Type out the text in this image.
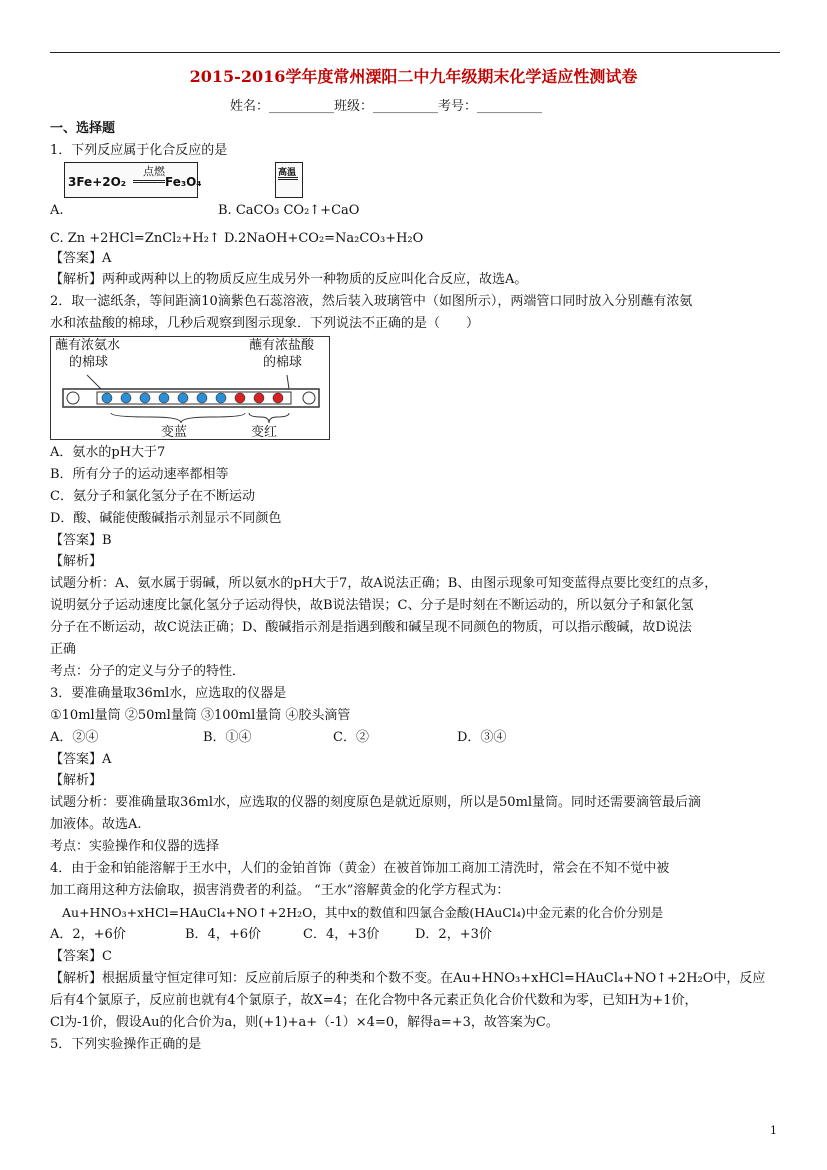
2015-2016学年度常州溧阳二中九年级期末化学适应性测试卷
姓名：__________班级：__________考号：__________
一、选择题
1．下列反应属于化合反应的是
3Fe+2O₂
点燃
Fe₃O₄
高温
A.	B. CaCO₃ CO₂↑+CaO
C. Zn +2HCl=ZnCl₂+H₂↑ D.2NaOH+CO₂=Na₂CO₃+H₂O
【答案】A
【解析】两种或两种以上的物质反应生成另外一种物质的反应叫化合反应，故选A。
2．取一滤纸条，等间距滴10滴紫色石蕊溶液，然后装入玻璃管中（如图所示），两端管口同时放入分别蘸有浓氨
水和浓盐酸的棉球，几秒后观察到图示现象．下列说法不正确的是（　　）
蘸有浓氨水
的棉球
蘸有浓盐酸
的棉球
变蓝	变红
A．氨水的pH大于7
B．所有分子的运动速率都相等
C．氨分子和氯化氢分子在不断运动
D．酸、碱能使酸碱指示剂显示不同颜色
【答案】B
【解析】
试题分析：A、氨水属于弱碱，所以氨水的pH大于7，故A说法正确；B、由图示现象可知变蓝得点要比变红的点多，
说明氨分子运动速度比氯化氢分子运动得快，故B说法错误；C、分子是时刻在不断运动的，所以氨分子和氯化氢
分子在不断运动，故C说法正确；D、酸碱指示剂是指遇到酸和碱呈现不同颜色的物质，可以指示酸碱，故D说法
正确
考点：分子的定义与分子的特性．
3．要准确量取36ml水，应选取的仪器是
①10ml量筒 ②50ml量筒 ③100ml量筒 ④胶头滴管
A．②④	B．①④	C．②	D．③④
【答案】A
【解析】
试题分析：要准确量取36ml水，应选取的仪器的刻度原色是就近原则，所以是50ml量筒。同时还需要滴管最后滴
加液体。故选A.
考点：实验操作和仪器的选择
4．由于金和铂能溶解于王水中，人们的金铂首饰（黄金）在被首饰加工商加工清洗时，常会在不知不觉中被
加工商用这种方法偷取，损害消费者的利益。 “王水”溶解黄金的化学方程式为：
Au+HNO₃+xHCl=HAuCl₄+NO↑+2H₂O，其中x的数值和四氯合金酸(HAuCl₄)中金元素的化合价分别是
A．2，+6价	B．4，+6价	C．4，+3价	D．2，+3价
【答案】C
【解析】根据质量守恒定律可知：反应前后原子的种类和个数不变。在Au+HNO₃+xHCl=HAuCl₄+NO↑+2H₂O中，反应
后有4个氯原子，反应前也就有4个氯原子，故X=4；在化合物中各元素正负化合价代数和为零，已知H为+1价，
Cl为-1价，假设Au的化合价为a，则(+1)+a+（-1）×4=0，解得a=+3，故答案为C。
5．下列实验操作正确的是
1
